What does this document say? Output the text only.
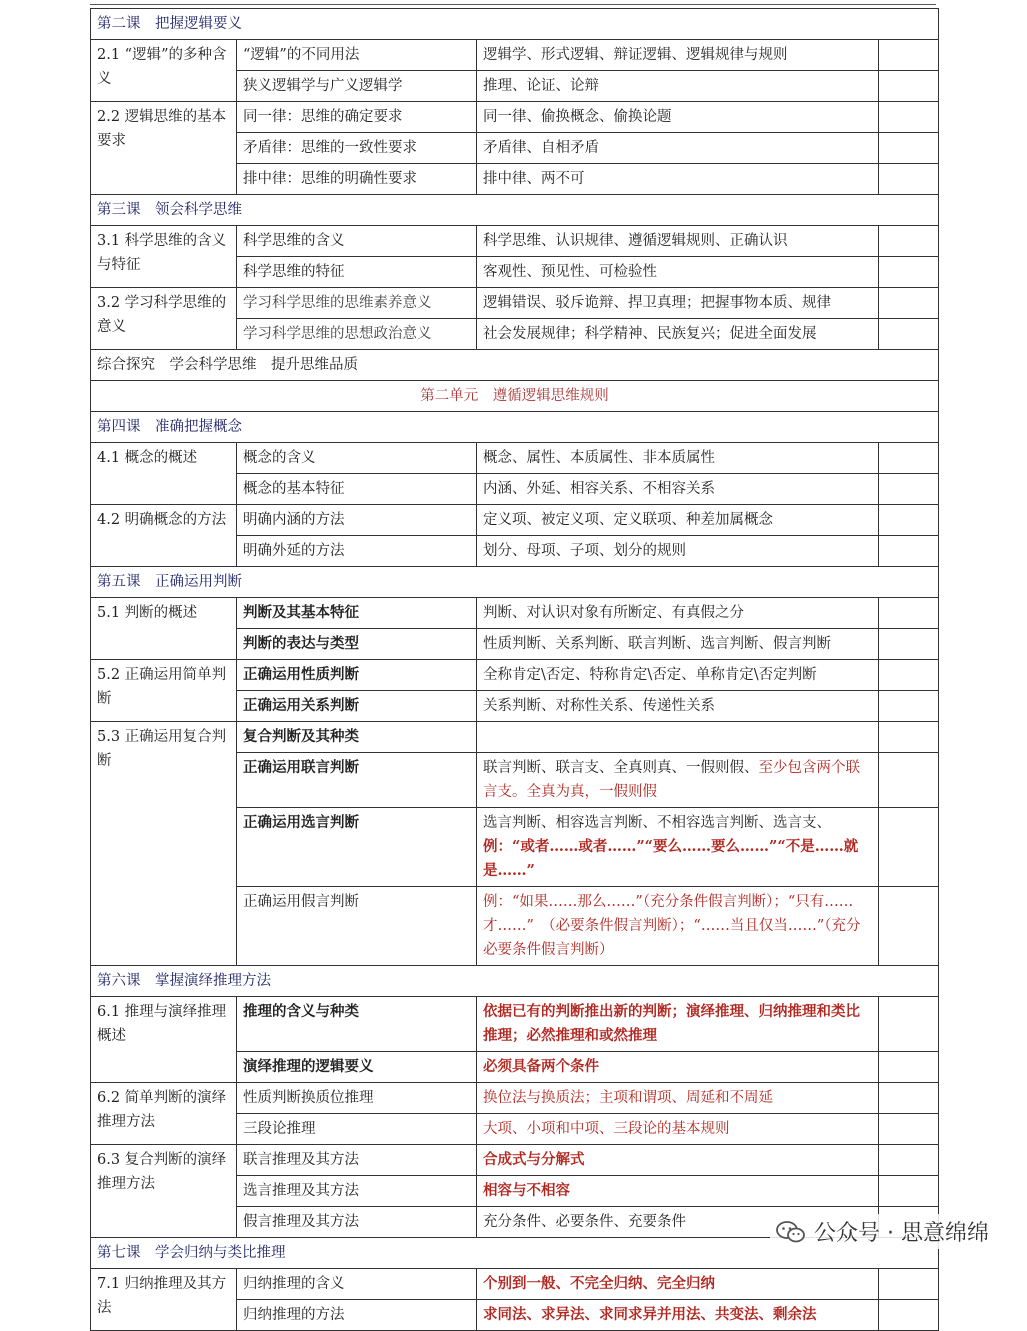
第二课　把握逻辑要义			
2.1 “逻辑”的多种含义	“逻辑”的不同用法	逻辑学、形式逻辑、辩证逻辑、逻辑规律与规则	
	狭义逻辑学与广义逻辑学	推理、论证、论辩	
2.2 逻辑思维的基本要求	同一律：思维的确定要求	同一律、偷换概念、偷换论题	
	矛盾律：思维的一致性要求	矛盾律、自相矛盾	
	排中律：思维的明确性要求	排中律、两不可	
第三课　领会科学思维			
3.1 科学思维的含义与特征	科学思维的含义	科学思维、认识规律、遵循逻辑规则、正确认识	
	科学思维的特征	客观性、预见性、可检验性	
3.2 学习科学思维的意义	学习科学思维的思维素养意义	逻辑错误、驳斥诡辩、捍卫真理；把握事物本质、规律	
	学习科学思维的思想政治意义	社会发展规律；科学精神、民族复兴；促进全面发展	
综合探究　学会科学思维　提升思维品质			
第二单元　遵循逻辑思维规则			
第四课　准确把握概念			
4.1 概念的概述	概念的含义	概念、属性、本质属性、非本质属性	
	概念的基本特征	内涵、外延、相容关系、不相容关系	
4.2 明确概念的方法	明确内涵的方法	定义项、被定义项、定义联项、种差加属概念	
	明确外延的方法	划分、母项、子项、划分的规则	
第五课　正确运用判断			
5.1 判断的概述	判断及其基本特征	判断、对认识对象有所断定、有真假之分	
	判断的表达与类型	性质判断、关系判断、联言判断、选言判断、假言判断	
5.2 正确运用简单判断	正确运用性质判断	全称肯定\否定、特称肯定\否定、单称肯定\否定判断	
	正确运用关系判断	关系判断、对称性关系、传递性关系	
5.3 正确运用复合判断	复合判断及其种类		
	正确运用联言判断	联言判断、联言支、全真则真、一假则假、至少包含两个联言支。全真为真，一假则假	
	正确运用选言判断	选言判断、相容选言判断、不相容选言判断、选言支、例：“或者……或者……”“要么……要么……”“不是……就是……”	
	正确运用假言判断	例：“如果……那么……”（充分条件假言判断）；“只有……才……”　（必要条件假言判断）；“……当且仅当……”（充分必要条件假言判断）	
第六课　掌握演绎推理方法			
6.1 推理与演绎推理概述	推理的含义与种类	依据已有的判断推出新的判断；演绎推理、归纳推理和类比推理；必然推理和或然推理	
	演绎推理的逻辑要义	必须具备两个条件	
6.2 简单判断的演绎推理方法	性质判断换质位推理	换位法与换质法；主项和谓项、周延和不周延	
	三段论推理	大项、小项和中项、三段论的基本规则	
6.3 复合判断的演绎推理方法	联言推理及其方法	合成式与分解式	
	选言推理及其方法	相容与不相容	
	假言推理及其方法	充分条件、必要条件、充要条件	
第七课　学会归纳与类比推理			
7.1 归纳推理及其方法	归纳推理的含义	个别到一般、不完全归纳、完全归纳	
	归纳推理的方法	求同法、求异法、求同求异并用法、共变法、剩余法	
公众号 · 思意绵绵
